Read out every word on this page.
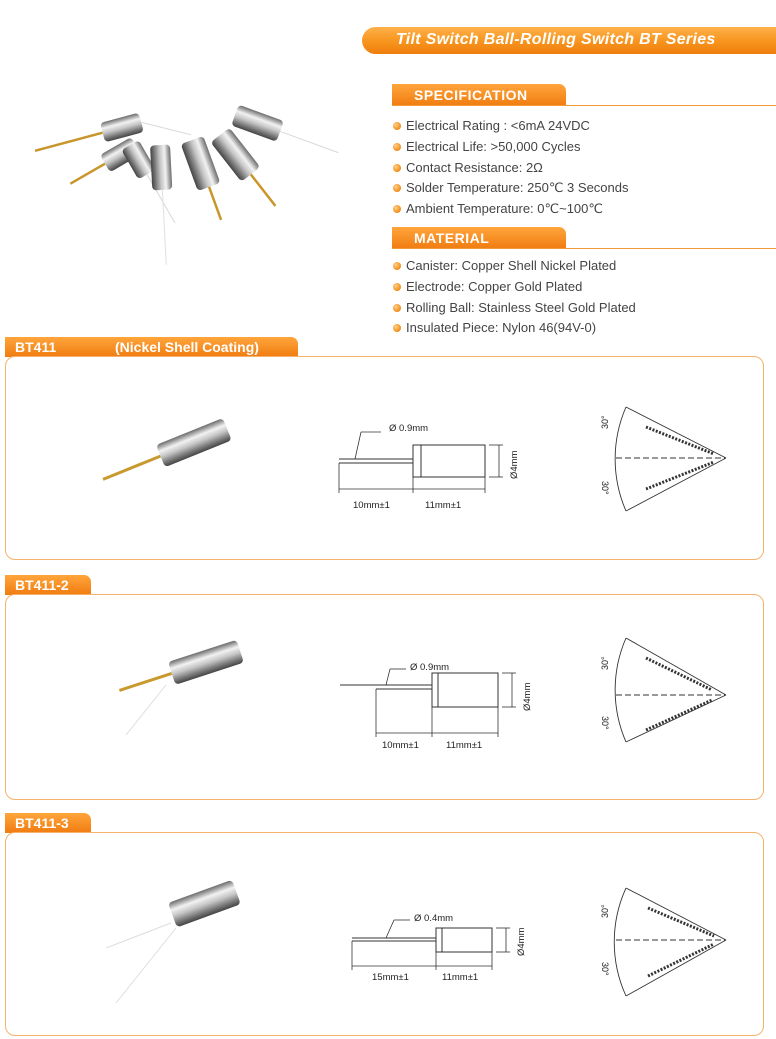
Tilt Switch Ball-Rolling Switch BT Series
SPECIFICATION
Electrical Rating : <6mA 24VDC
Electrical Life: >50,000 Cycles
Contact Resistance: 2Ω
Solder Temperature: 250℃ 3 Seconds
Ambient Temperature: 0℃~100℃
MATERIAL
Canister: Copper Shell Nickel Plated
Electrode: Copper Gold Plated
Rolling Ball: Stainless Steel Gold Plated
Insulated Piece: Nylon 46(94V-0)
BT411	(Nickel Shell Coating)
Ø 0.9mm
Ø4mm
10mm±1	11mm±1
30°
30°
BT411-2
Ø 0.9mm
Ø4mm
10mm±1	11mm±1
30°
30°
BT411-3
Ø 0.4mm
Ø4mm
15mm±1	11mm±1
30°
30°
